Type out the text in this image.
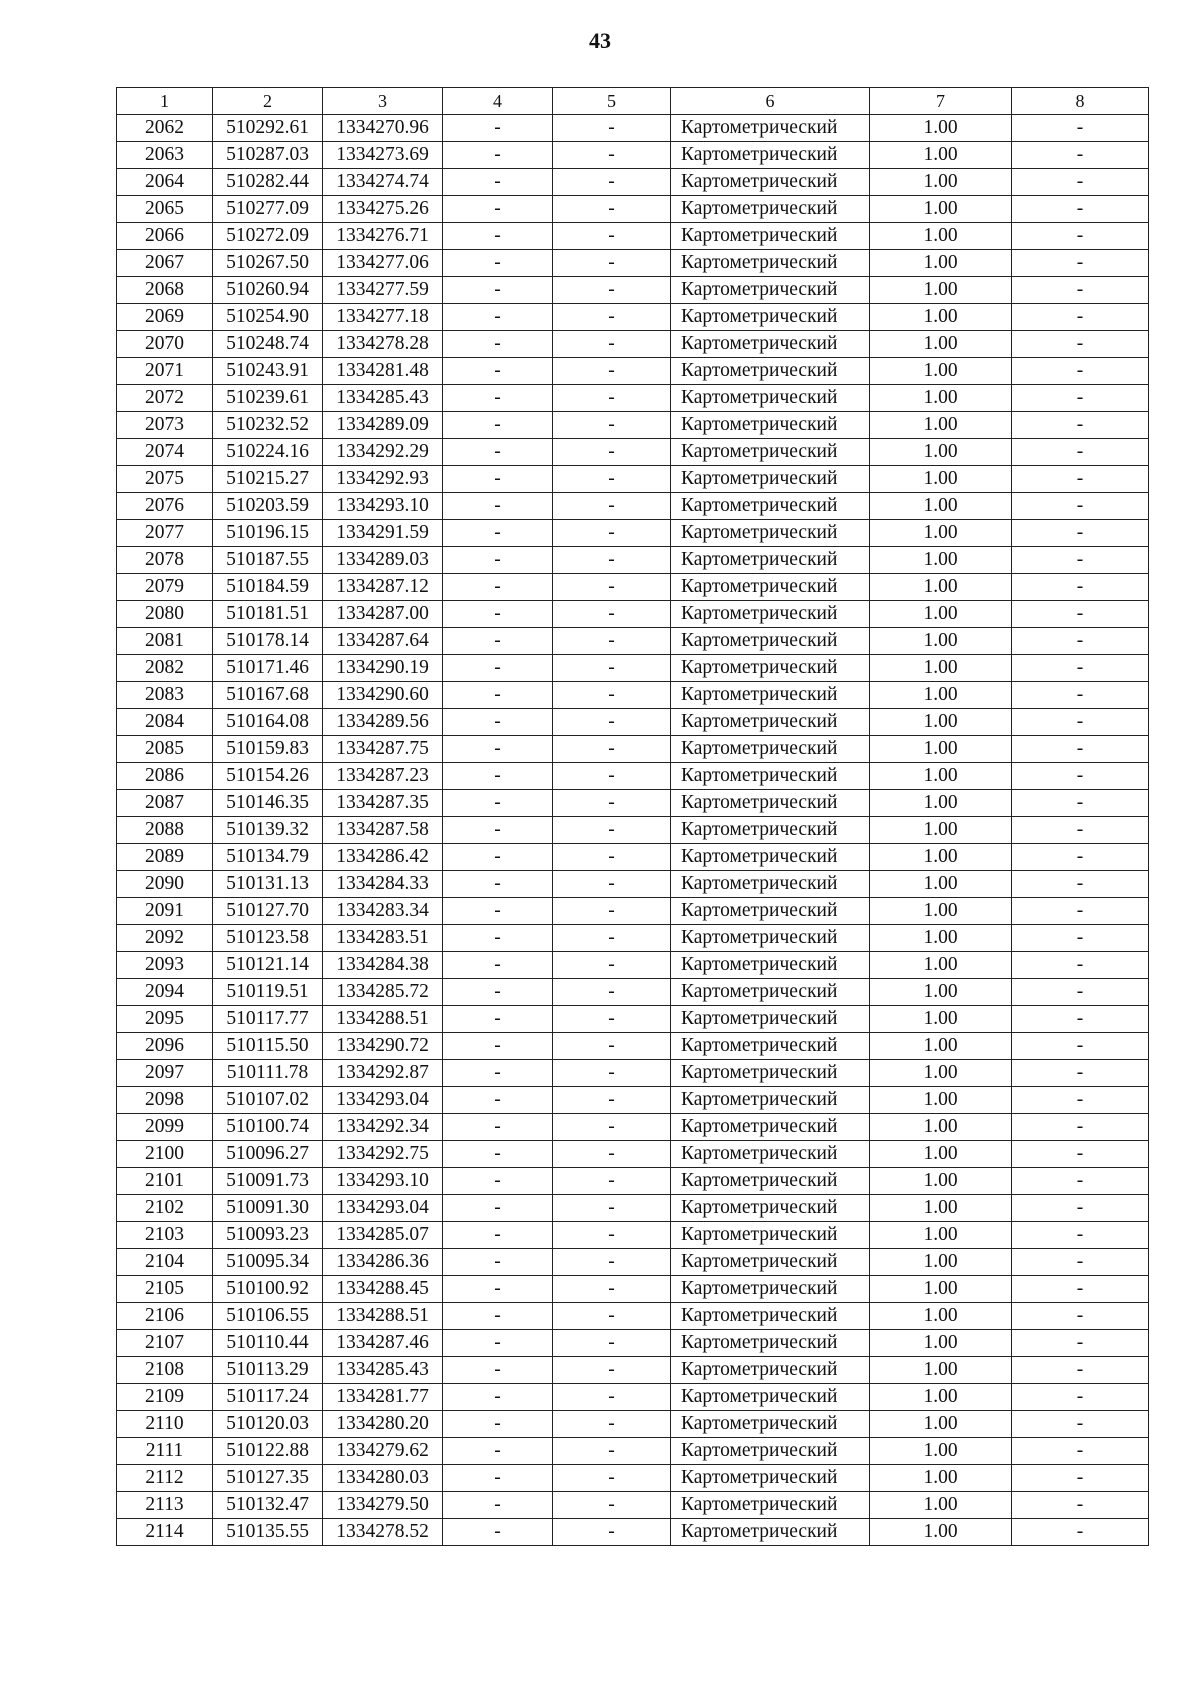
43
1	2	3	4	5	6	7	8
2062	510292.61	1334270.96	-	-	Картометрический	1.00	-
2063	510287.03	1334273.69	-	-	Картометрический	1.00	-
2064	510282.44	1334274.74	-	-	Картометрический	1.00	-
2065	510277.09	1334275.26	-	-	Картометрический	1.00	-
2066	510272.09	1334276.71	-	-	Картометрический	1.00	-
2067	510267.50	1334277.06	-	-	Картометрический	1.00	-
2068	510260.94	1334277.59	-	-	Картометрический	1.00	-
2069	510254.90	1334277.18	-	-	Картометрический	1.00	-
2070	510248.74	1334278.28	-	-	Картометрический	1.00	-
2071	510243.91	1334281.48	-	-	Картометрический	1.00	-
2072	510239.61	1334285.43	-	-	Картометрический	1.00	-
2073	510232.52	1334289.09	-	-	Картометрический	1.00	-
2074	510224.16	1334292.29	-	-	Картометрический	1.00	-
2075	510215.27	1334292.93	-	-	Картометрический	1.00	-
2076	510203.59	1334293.10	-	-	Картометрический	1.00	-
2077	510196.15	1334291.59	-	-	Картометрический	1.00	-
2078	510187.55	1334289.03	-	-	Картометрический	1.00	-
2079	510184.59	1334287.12	-	-	Картометрический	1.00	-
2080	510181.51	1334287.00	-	-	Картометрический	1.00	-
2081	510178.14	1334287.64	-	-	Картометрический	1.00	-
2082	510171.46	1334290.19	-	-	Картометрический	1.00	-
2083	510167.68	1334290.60	-	-	Картометрический	1.00	-
2084	510164.08	1334289.56	-	-	Картометрический	1.00	-
2085	510159.83	1334287.75	-	-	Картометрический	1.00	-
2086	510154.26	1334287.23	-	-	Картометрический	1.00	-
2087	510146.35	1334287.35	-	-	Картометрический	1.00	-
2088	510139.32	1334287.58	-	-	Картометрический	1.00	-
2089	510134.79	1334286.42	-	-	Картометрический	1.00	-
2090	510131.13	1334284.33	-	-	Картометрический	1.00	-
2091	510127.70	1334283.34	-	-	Картометрический	1.00	-
2092	510123.58	1334283.51	-	-	Картометрический	1.00	-
2093	510121.14	1334284.38	-	-	Картометрический	1.00	-
2094	510119.51	1334285.72	-	-	Картометрический	1.00	-
2095	510117.77	1334288.51	-	-	Картометрический	1.00	-
2096	510115.50	1334290.72	-	-	Картометрический	1.00	-
2097	510111.78	1334292.87	-	-	Картометрический	1.00	-
2098	510107.02	1334293.04	-	-	Картометрический	1.00	-
2099	510100.74	1334292.34	-	-	Картометрический	1.00	-
2100	510096.27	1334292.75	-	-	Картометрический	1.00	-
2101	510091.73	1334293.10	-	-	Картометрический	1.00	-
2102	510091.30	1334293.04	-	-	Картометрический	1.00	-
2103	510093.23	1334285.07	-	-	Картометрический	1.00	-
2104	510095.34	1334286.36	-	-	Картометрический	1.00	-
2105	510100.92	1334288.45	-	-	Картометрический	1.00	-
2106	510106.55	1334288.51	-	-	Картометрический	1.00	-
2107	510110.44	1334287.46	-	-	Картометрический	1.00	-
2108	510113.29	1334285.43	-	-	Картометрический	1.00	-
2109	510117.24	1334281.77	-	-	Картометрический	1.00	-
2110	510120.03	1334280.20	-	-	Картометрический	1.00	-
2111	510122.88	1334279.62	-	-	Картометрический	1.00	-
2112	510127.35	1334280.03	-	-	Картометрический	1.00	-
2113	510132.47	1334279.50	-	-	Картометрический	1.00	-
2114	510135.55	1334278.52	-	-	Картометрический	1.00	-
